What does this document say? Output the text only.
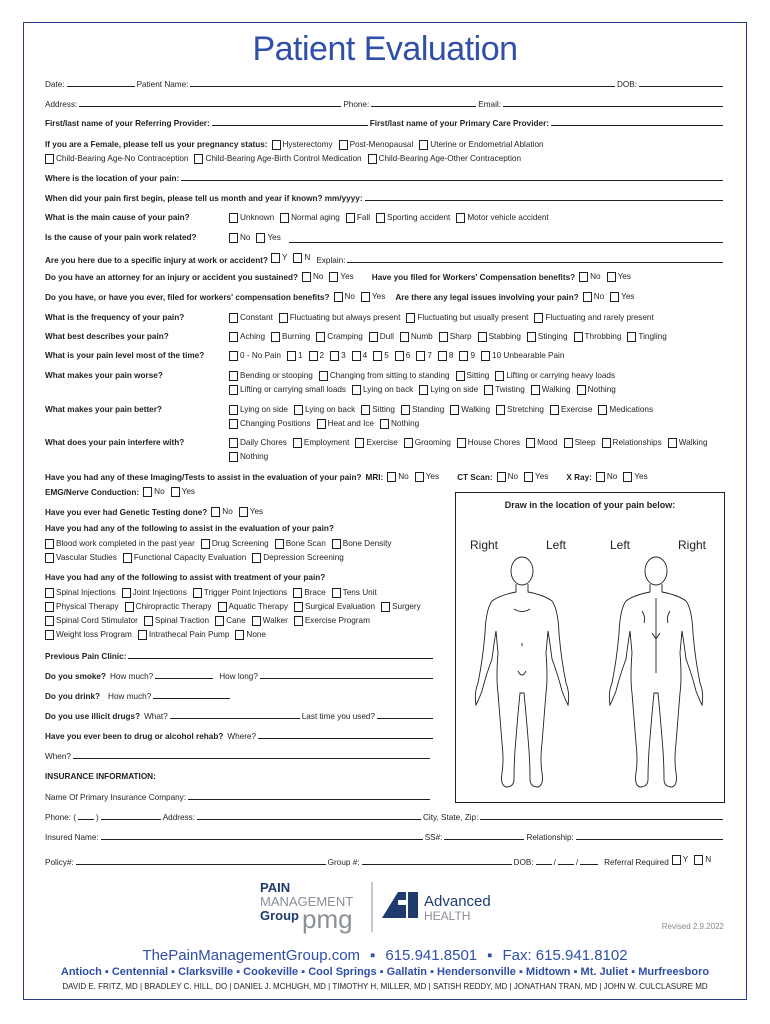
Patient Evaluation
Date:	Patient Name:	DOB:
Address:	Phone:	Email:
First/last name of your Referring Provider:	First/last name of your Primary Care Provider:
If you are a Female, please tell us your pregnancy status: Hysterectomy Post-Menopausal Uterine or Endometrial Ablation
Child-Bearing Age-No Contraception Child-Bearing Age-Birth Control Medication Child-Bearing Age-Other Contraception
Where is the location of your pain:
When did your pain first begin, please tell us month and year if known? mm/yyyy:
What is the main cause of your pain?	Unknown Normal aging Fall Sporting accident Motor vehicle accident
Is the cause of your pain work related?	No Yes
Are you here due to a specific injury at work or accident? Y N Explain:
Do you have an attorney for an injury or accident you sustained? No Yes Have you filed for Workers' Compensation benefits? No Yes
Do you have, or have you ever, filed for workers' compensation benefits? No Yes Are there any legal issues involving your pain? No Yes
What is the frequency of your pain?	Constant Fluctuating but always present Fluctuating but usually present Fluctuating and rarely present
What best describes your pain?	Aching Burning Cramping Dull Numb Sharp Stabbing Stinging Throbbing Tingling
What is your pain level most of the time?	0 - No Pain 1 2 3 4 5 6 7 8 9 10 Unbearable Pain
What makes your pain worse?	Bending or stooping Changing from sitting to standing Sitting Lifting or carrying heavy loads
Lifting or carrying small loads Lying on back Lying on side Twisting Walking Nothing
What makes your pain better?	Lying on side Lying on back Sitting Standing Walking Stretching Exercise Medications
Changing Positions Heat and Ice Nothing
What does your pain interfere with?	Daily Chores Employment Exercise Grooming House Chores Mood Sleep Relationships Walking
Nothing
Have you had any of these Imaging/Tests to assist in the evaluation of your pain? MRI: No Yes CT Scan: No Yes X Ray: No Yes
EMG/Nerve Conduction: No Yes
Have you ever had Genetic Testing done? No Yes
Have you had any of the following to assist in the evaluation of your pain?
Blood work completed in the past year Drug Screening Bone Scan Bone Density
Vascular Studies Functional Capacity Evaluation Depression Screening
Have you had any of the following to assist with treatment of your pain?
Spinal Injections Joint Injections Trigger Point Injections Brace Tens Unit
Physical Therapy Chiropractic Therapy Aquatic Therapy Surgical Evaluation Surgery
Spinal Cord Stimulator Spinal Traction Cane Walker Exercise Program
Weight loss Program Intrathecal Pain Pump None
Previous Pain Clinic:
Do you smoke? How much?	How long?
Do you drink? How much?
Do you use illicit drugs? What?	Last time you used?
Have you ever been to drug or alcohol rehab? Where?
When?
INSURANCE INFORMATION:
Name Of Primary Insurance Company:
Phone: ( )	Address:	City, State, Zip:
Insured Name:	SS#:	Relationship:
Policy#:	Group #:	DOB: / /	Referral Required Y N
Draw in the location of your pain below:
Right	Left	Left	Right
PAIN
MANAGEMENT
Group pmg
Advanced
HEALTH
Revised 2.9.2022
ThePainManagementGroup.com ▪ 615.941.8501 ▪ Fax: 615.941.8102
Antioch ▪ Centennial ▪ Clarksville ▪ Cookeville ▪ Cool Springs ▪ Gallatin ▪ Hendersonville ▪ Midtown ▪ Mt. Juliet ▪ Murfreesboro
DAVID E. FRITZ, MD | BRADLEY C. HILL, DO | DANIEL J. MCHUGH, MD | TIMOTHY H. MILLER, MD | SATISH REDDY, MD | JONATHAN TRAN, MD | JOHN W. CULCLASURE MD
